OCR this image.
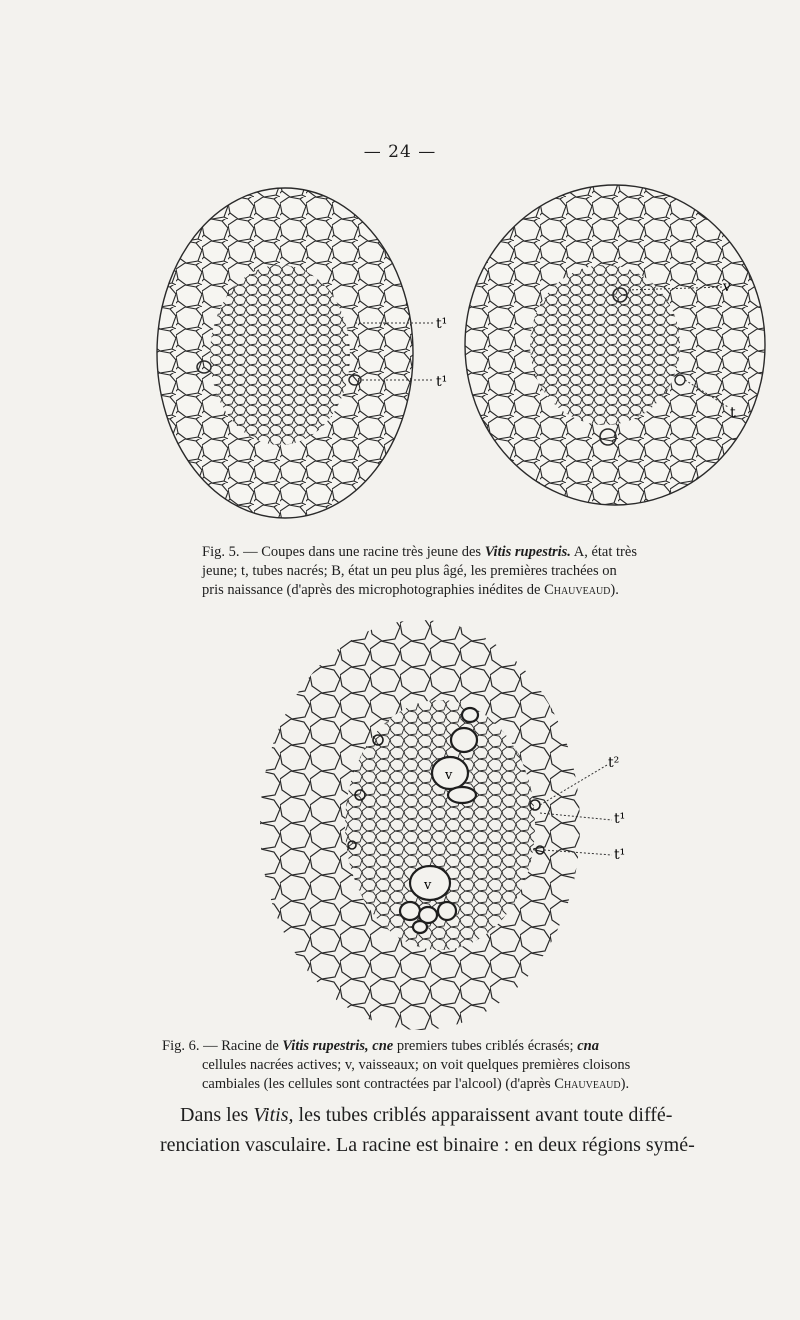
— 24 —
t¹
t¹
v
t
Fig. 5. — Coupes dans une racine très jeune des Vitis rupestris. A, état très
jeune; t, tubes nacrés; B, état un peu plus âgé, les premières trachées on
pris naissance (d'après des microphotographies inédites de Chauveaud).
v
v
t²
t¹
t¹
Fig. 6. — Racine de Vitis rupestris, cne premiers tubes criblés écrasés; cna
cellules nacrées actives; v, vaisseaux; on voit quelques premières cloisons
cambiales (les cellules sont contractées par l'alcool) (d'après Chauveaud).
Dans les Vitis, les tubes criblés apparaissent avant toute diffé-
renciation vasculaire. La racine est binaire : en deux régions symé-
